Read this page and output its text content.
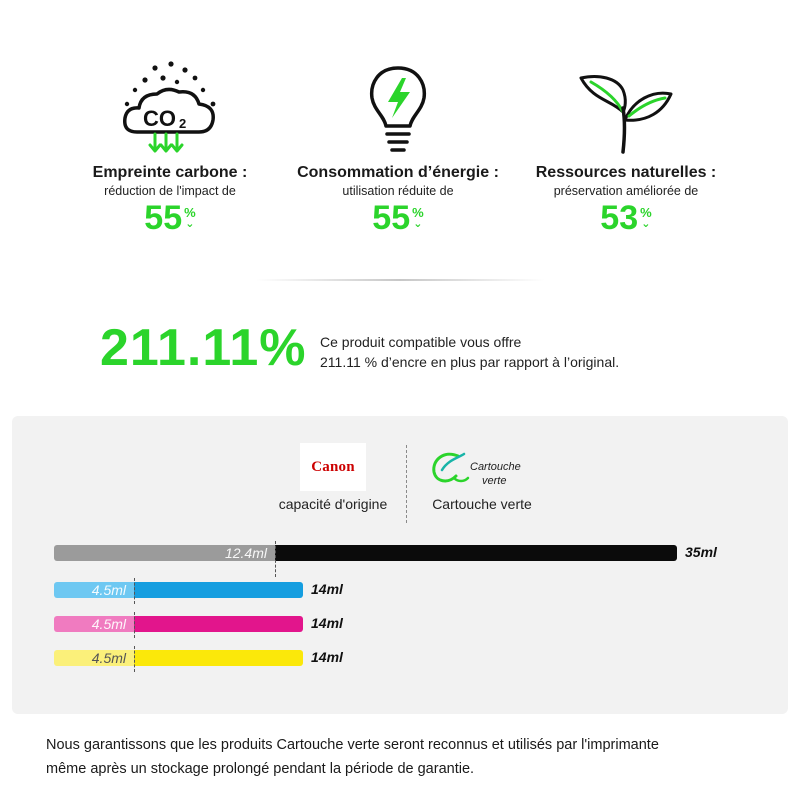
CO 2
Empreinte carbone :
réduction de l'impact de
55 %
⌄
Consommation d’énergie :
utilisation réduite de
55 %
⌄
Ressources naturelles :
préservation améliorée de
53 %
⌄
211.11% Ce produit compatible vous offre
211.11 % d’encre en plus par rapport à l’original.
Canon
capacité d'origine
Cartouche
verte
Cartouche verte
12.4ml	35ml
4.5ml	14ml
4.5ml	14ml
4.5ml	14ml
Nous garantissons que les produits Cartouche verte seront reconnus et utilisés par l'imprimante
même après un stockage prolongé pendant la période de garantie.
